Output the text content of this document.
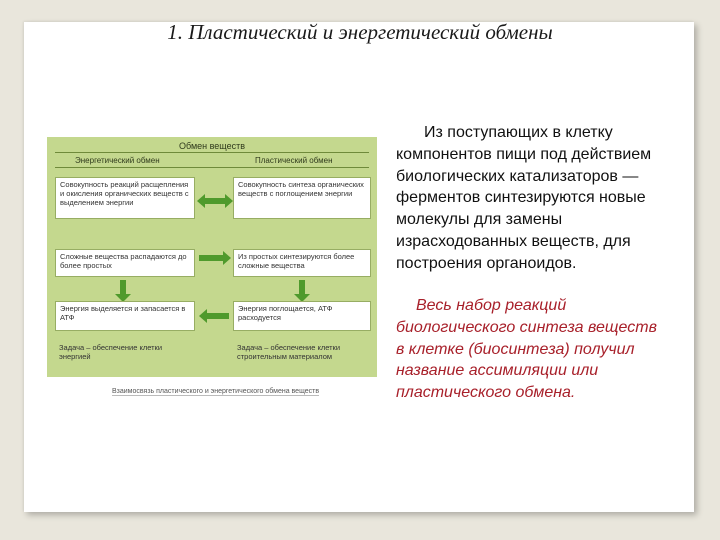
1. Пластический и энергетический обмены
Обмен веществ
Энергетический обмен	Пластический обмен
Совокупность реакций расщепления и окисления органических веществ с выделением энергии
Совокупность синтеза органических веществ с поглощением энергии
Сложные вещества распадаются до более простых
Из простых синтезируются более сложные вещества
Энергия выделяется и запасается в АТФ
Энергия поглощается, АТФ расходуется
Задача – обеспечение клетки энергией
Задача – обеспечение клетки строительным материалом
Взаимосвязь пластического и энергетического обмена веществ
Из поступающих в клетку компонентов пищи под действием биологических катализаторов — ферментов синтезируются новые молекулы для замены израсходованных веществ, для построения органоидов.
Весь набор реакций биологического синтеза веществ в клетке (биосинтеза) получил название ассимиляции или пластического обмена.
